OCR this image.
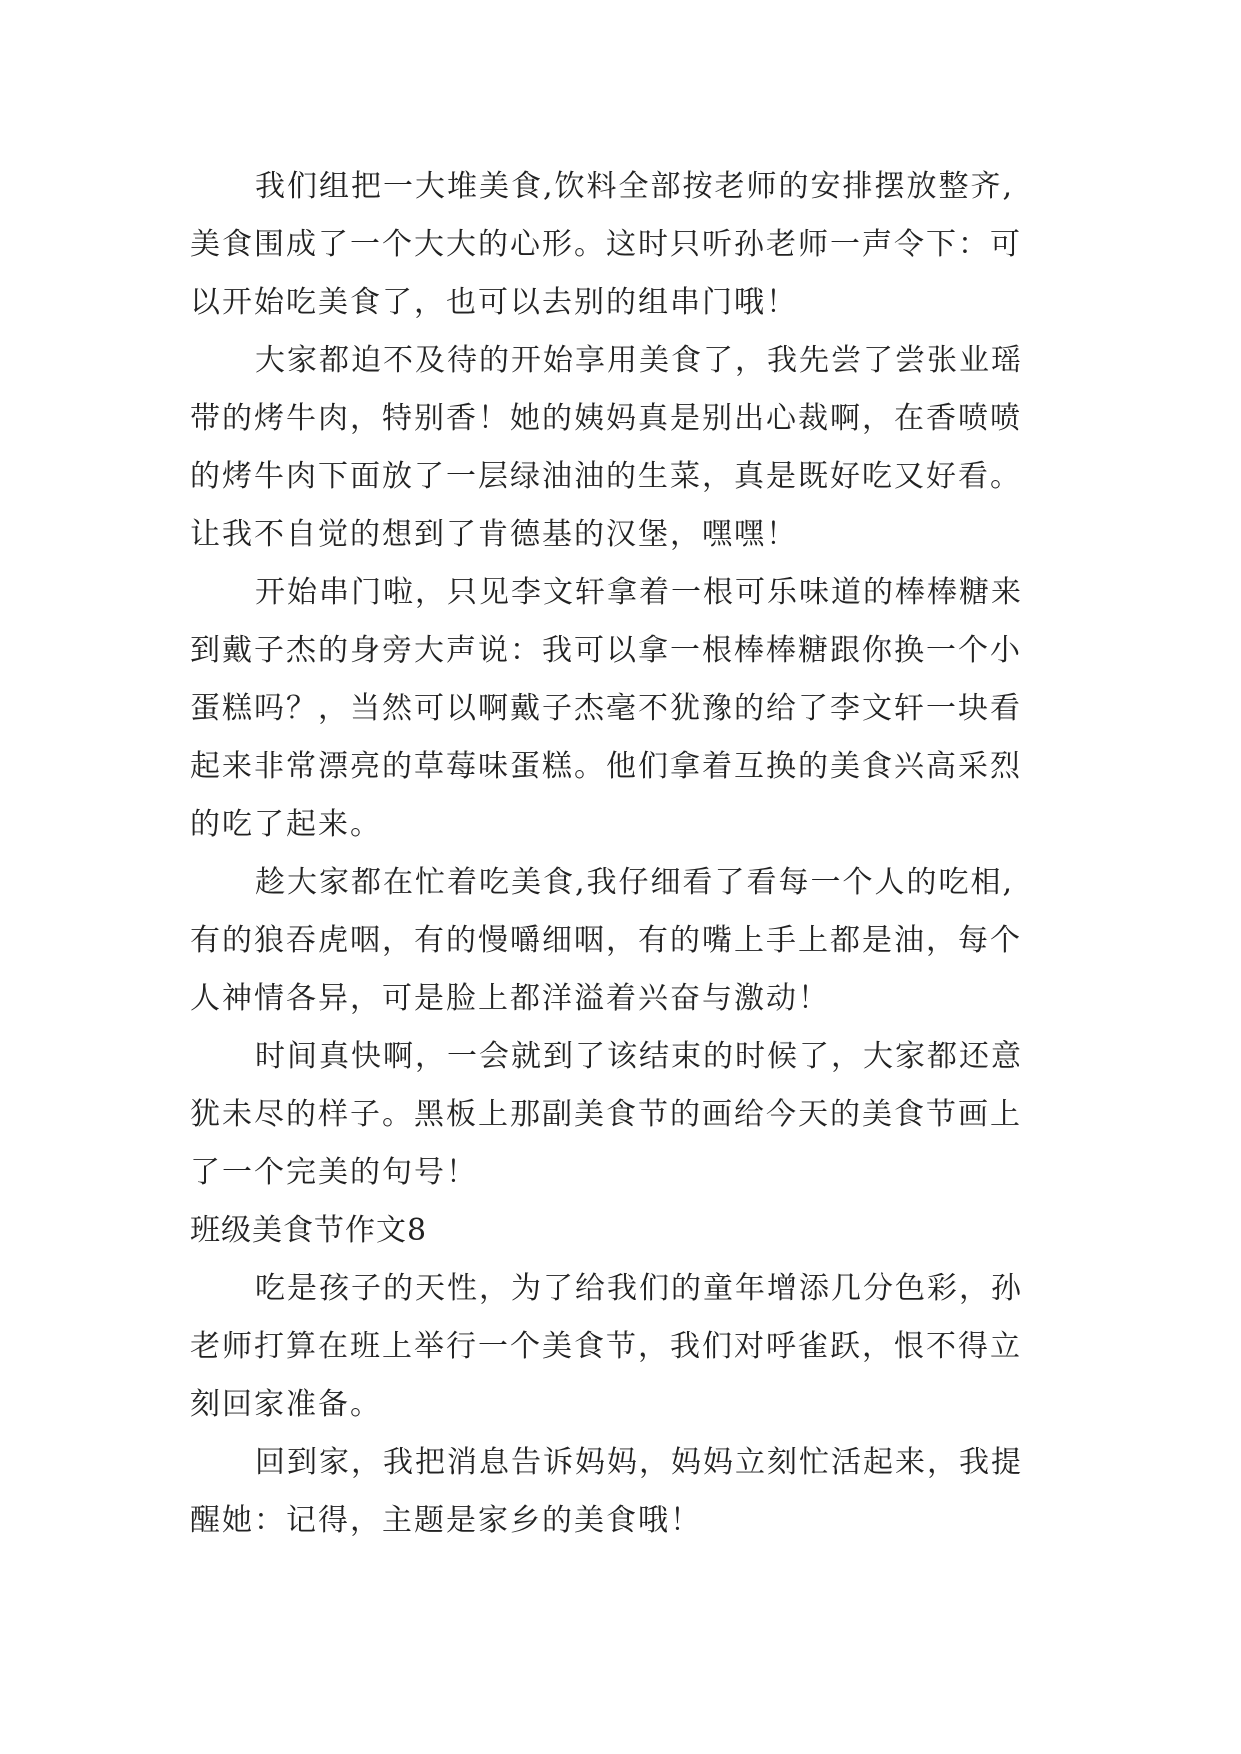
我们组把一大堆美食,饮料全部按老师的安排摆放整齐,
美食围成了一个大大的心形。这时只听孙老师一声令下：可
以开始吃美食了，也可以去别的组串门哦！

大家都迫不及待的开始享用美食了，我先尝了尝张业瑶
带的烤牛肉，特别香！她的姨妈真是别出心裁啊，在香喷喷
的烤牛肉下面放了一层绿油油的生菜，真是既好吃又好看。
让我不自觉的想到了肯德基的汉堡，嘿嘿！

开始串门啦，只见李文轩拿着一根可乐味道的棒棒糖来
到戴子杰的身旁大声说：我可以拿一根棒棒糖跟你换一个小
蛋糕吗？，当然可以啊戴子杰毫不犹豫的给了李文轩一块看
起来非常漂亮的草莓味蛋糕。他们拿着互换的美食兴高采烈
的吃了起来。

趁大家都在忙着吃美食,我仔细看了看每一个人的吃相,
有的狼吞虎咽，有的慢嚼细咽，有的嘴上手上都是油，每个
人神情各异，可是脸上都洋溢着兴奋与激动！

时间真快啊，一会就到了该结束的时候了，大家都还意
犹未尽的样子。黑板上那副美食节的画给今天的美食节画上
了一个完美的句号！

班级美食节作文8

吃是孩子的天性，为了给我们的童年增添几分色彩，孙
老师打算在班上举行一个美食节，我们对呼雀跃，恨不得立
刻回家准备。

回到家，我把消息告诉妈妈，妈妈立刻忙活起来，我提
醒她：记得，主题是家乡的美食哦！
